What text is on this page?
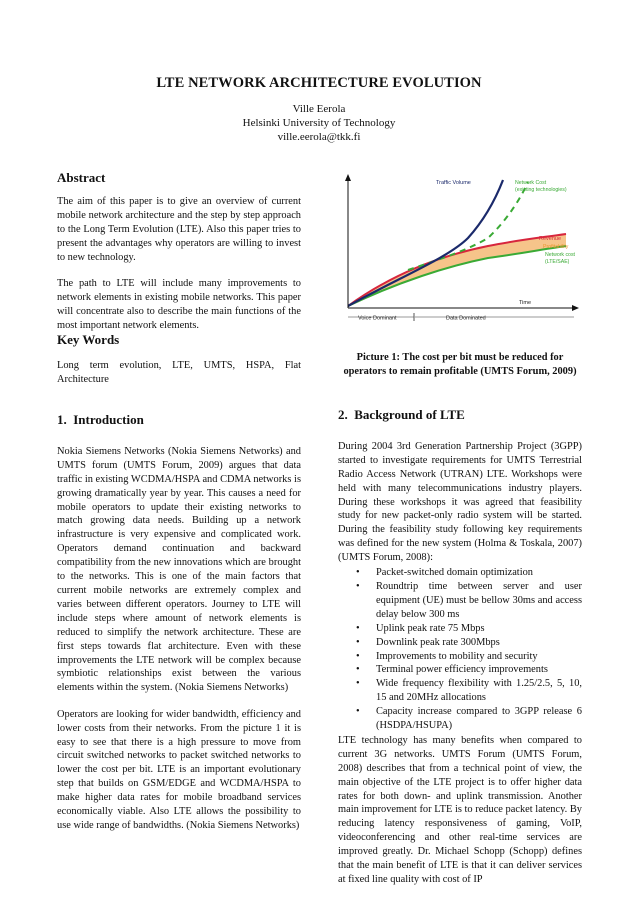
LTE NETWORK ARCHITECTURE EVOLUTION
Ville Eerola
Helsinki University of Technology
ville.eerola@tkk.fi
Abstract

The aim of this paper is to give an overview of current mobile network architecture and the step by step approach to the Long Term Evolution (LTE). Also this paper tries to present the advantages why operators are willing to invest to new technology.

The path to LTE will include many improvements to network elements in existing mobile networks. This paper will concentrate also to describe the main functions of the most important network elements.

Key Words

Long term evolution, LTE, UMTS, HSPA, Flat Architecture

1.  Introduction

Nokia Siemens Networks (Nokia Siemens Networks) and UMTS forum (UMTS Forum, 2009) argues that data traffic in existing WCDMA/HSPA and CDMA networks is growing dramatically year by year. This causes a need for mobile operators to update their existing networks to match growing data needs. Building up a network infrastructure is very expensive and complicated work. Operators demand continuation and backward compatibility from the new innovations which are brought to the networks. This is one of the main factors that current mobile networks are extremely complex and varies between different operators. Journey to LTE will include steps where amount of network elements is reduced to simplify the network architecture. These are first steps towards flat architecture. Even with these improvements the LTE network will be complex because symbiotic relationships exist between the various elements within the system. (Nokia Siemens Networks)

Operators are looking for wider bandwidth, efficiency and lower costs from their networks. From the picture 1 it is easy to see that there is a high pressure to move from circuit switched networks to packet switched networks to lower the cost per bit. LTE is an important evolutionary step that builds on GSM/EDGE and WCDMA/HSPA to make higher data rates for mobile broadband services economically viable. Also LTE allows the possibility to use wide range of bandwidths. (Nokia Siemens Networks)

Voice Dominant	Data Dominated
Traffic Volume	Network Cost
(existing technologies)
Revenue
Profitability
Network cost
(LTE/SAE)
Time
Picture 1: The cost per bit must be reduced for operators to remain profitable (UMTS Forum, 2009)
2.  Background of LTE

During 2004 3rd Generation Partnership Project (3GPP) started to investigate requirements for UMTS Terrestrial Radio Access Network (UTRAN) LTE. Workshops were held with many telecommunications industry players. During these workshops it was agreed that feasibility study for new packet-only radio system will be started. During the feasibility study following key requirements was defined for the new system (Holma & Toskala, 2007) (UMTS Forum, 2008):

• Packet-switched domain optimization
• Roundtrip time between server and user equipment (UE) must be bellow 30ms and access delay below 300 ms
• Uplink peak rate 75 Mbps
• Downlink peak rate 300Mbps
• Improvements to mobility and security
• Terminal power efficiency improvements
• Wide frequency flexibility with 1.25/2.5, 5, 10, 15 and 20MHz allocations
• Capacity increase compared to 3GPP release 6 (HSDPA/HSUPA)

LTE technology has many benefits when compared to current 3G networks. UMTS Forum (UMTS Forum, 2008) describes that from a technical point of view, the main objective of the LTE project is to offer higher data rates for both down- and uplink transmission. Another main improvement for LTE is to reduce packet latency. By reducing latency responsiveness of gaming, VoIP, videoconferencing and other real-time services are improved greatly. Dr. Michael Schopp (Schopp) defines that the main benefit of LTE is that it can deliver services at fixed line quality with cost of IP
